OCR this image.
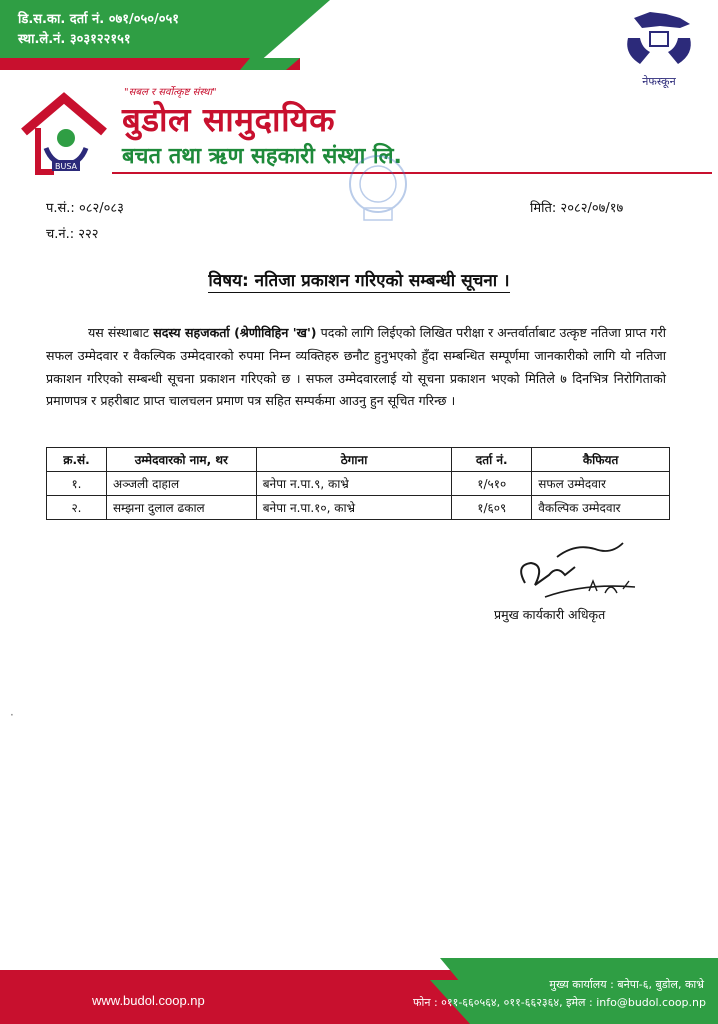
डि.स.का. दर्ता नं. ०७१/०५०/०५१
स्था.ले.नं. ३०३१२२१५१
नेफस्कून
BUSA
"सबल र सर्वोत्कृष्ट संस्था"
बुडोल सामुदायिक
बचत तथा ऋण सहकारी संस्था लि.
प.सं.: ०८२/०८३
च.नं.: २२२
मिति: २०८२/०७/१७
विषय: नतिजा प्रकाशन गरिएको सम्बन्धी सूचना ।
यस संस्थाबाट सदस्य सहजकर्ता (श्रेणीविहिन 'ख') पदको लागि लिईएको लिखित परीक्षा र अन्तर्वार्ताबाट उत्कृष्ट नतिजा प्राप्त गरी सफल उम्मेदवार र वैकल्पिक उम्मेदवारको रुपमा निम्न व्यक्तिहरु छनौट हुनुभएको हुँदा सम्बन्धित सम्पूर्णमा जानकारीको लागि यो नतिजा प्रकाशन गरिएको सम्बन्धी सूचना प्रकाशन गरिएको छ । सफल उम्मेदवारलाई यो सूचना प्रकाशन भएको मितिले ७ दिनभित्र निरोगिताको प्रमाणपत्र र प्रहरीबाट प्राप्त चालचलन प्रमाण पत्र सहित सम्पर्कमा आउनु हुन सूचित गरिन्छ ।
क्र.सं.	उम्मेदवारको नाम, थर	ठेगाना	दर्ता नं.	कैफियत
१.	अञ्जली दाहाल	बनेपा न.पा.९, काभ्रे	१/५१०	सफल उम्मेदवार
२.	सम्झना दुलाल ढकाल	बनेपा न.पा.१०, काभ्रे	१/६०९	वैकल्पिक उम्मेदवार
प्रमुख कार्यकारी अधिकृत
·
www.budol.coop.np
मुख्य कार्यालय : बनेपा-६, बुडोल, काभ्रे
फोन : ०११-६६०५६४, ०११-६६२३६४, इमेल : info@budol.coop.np
